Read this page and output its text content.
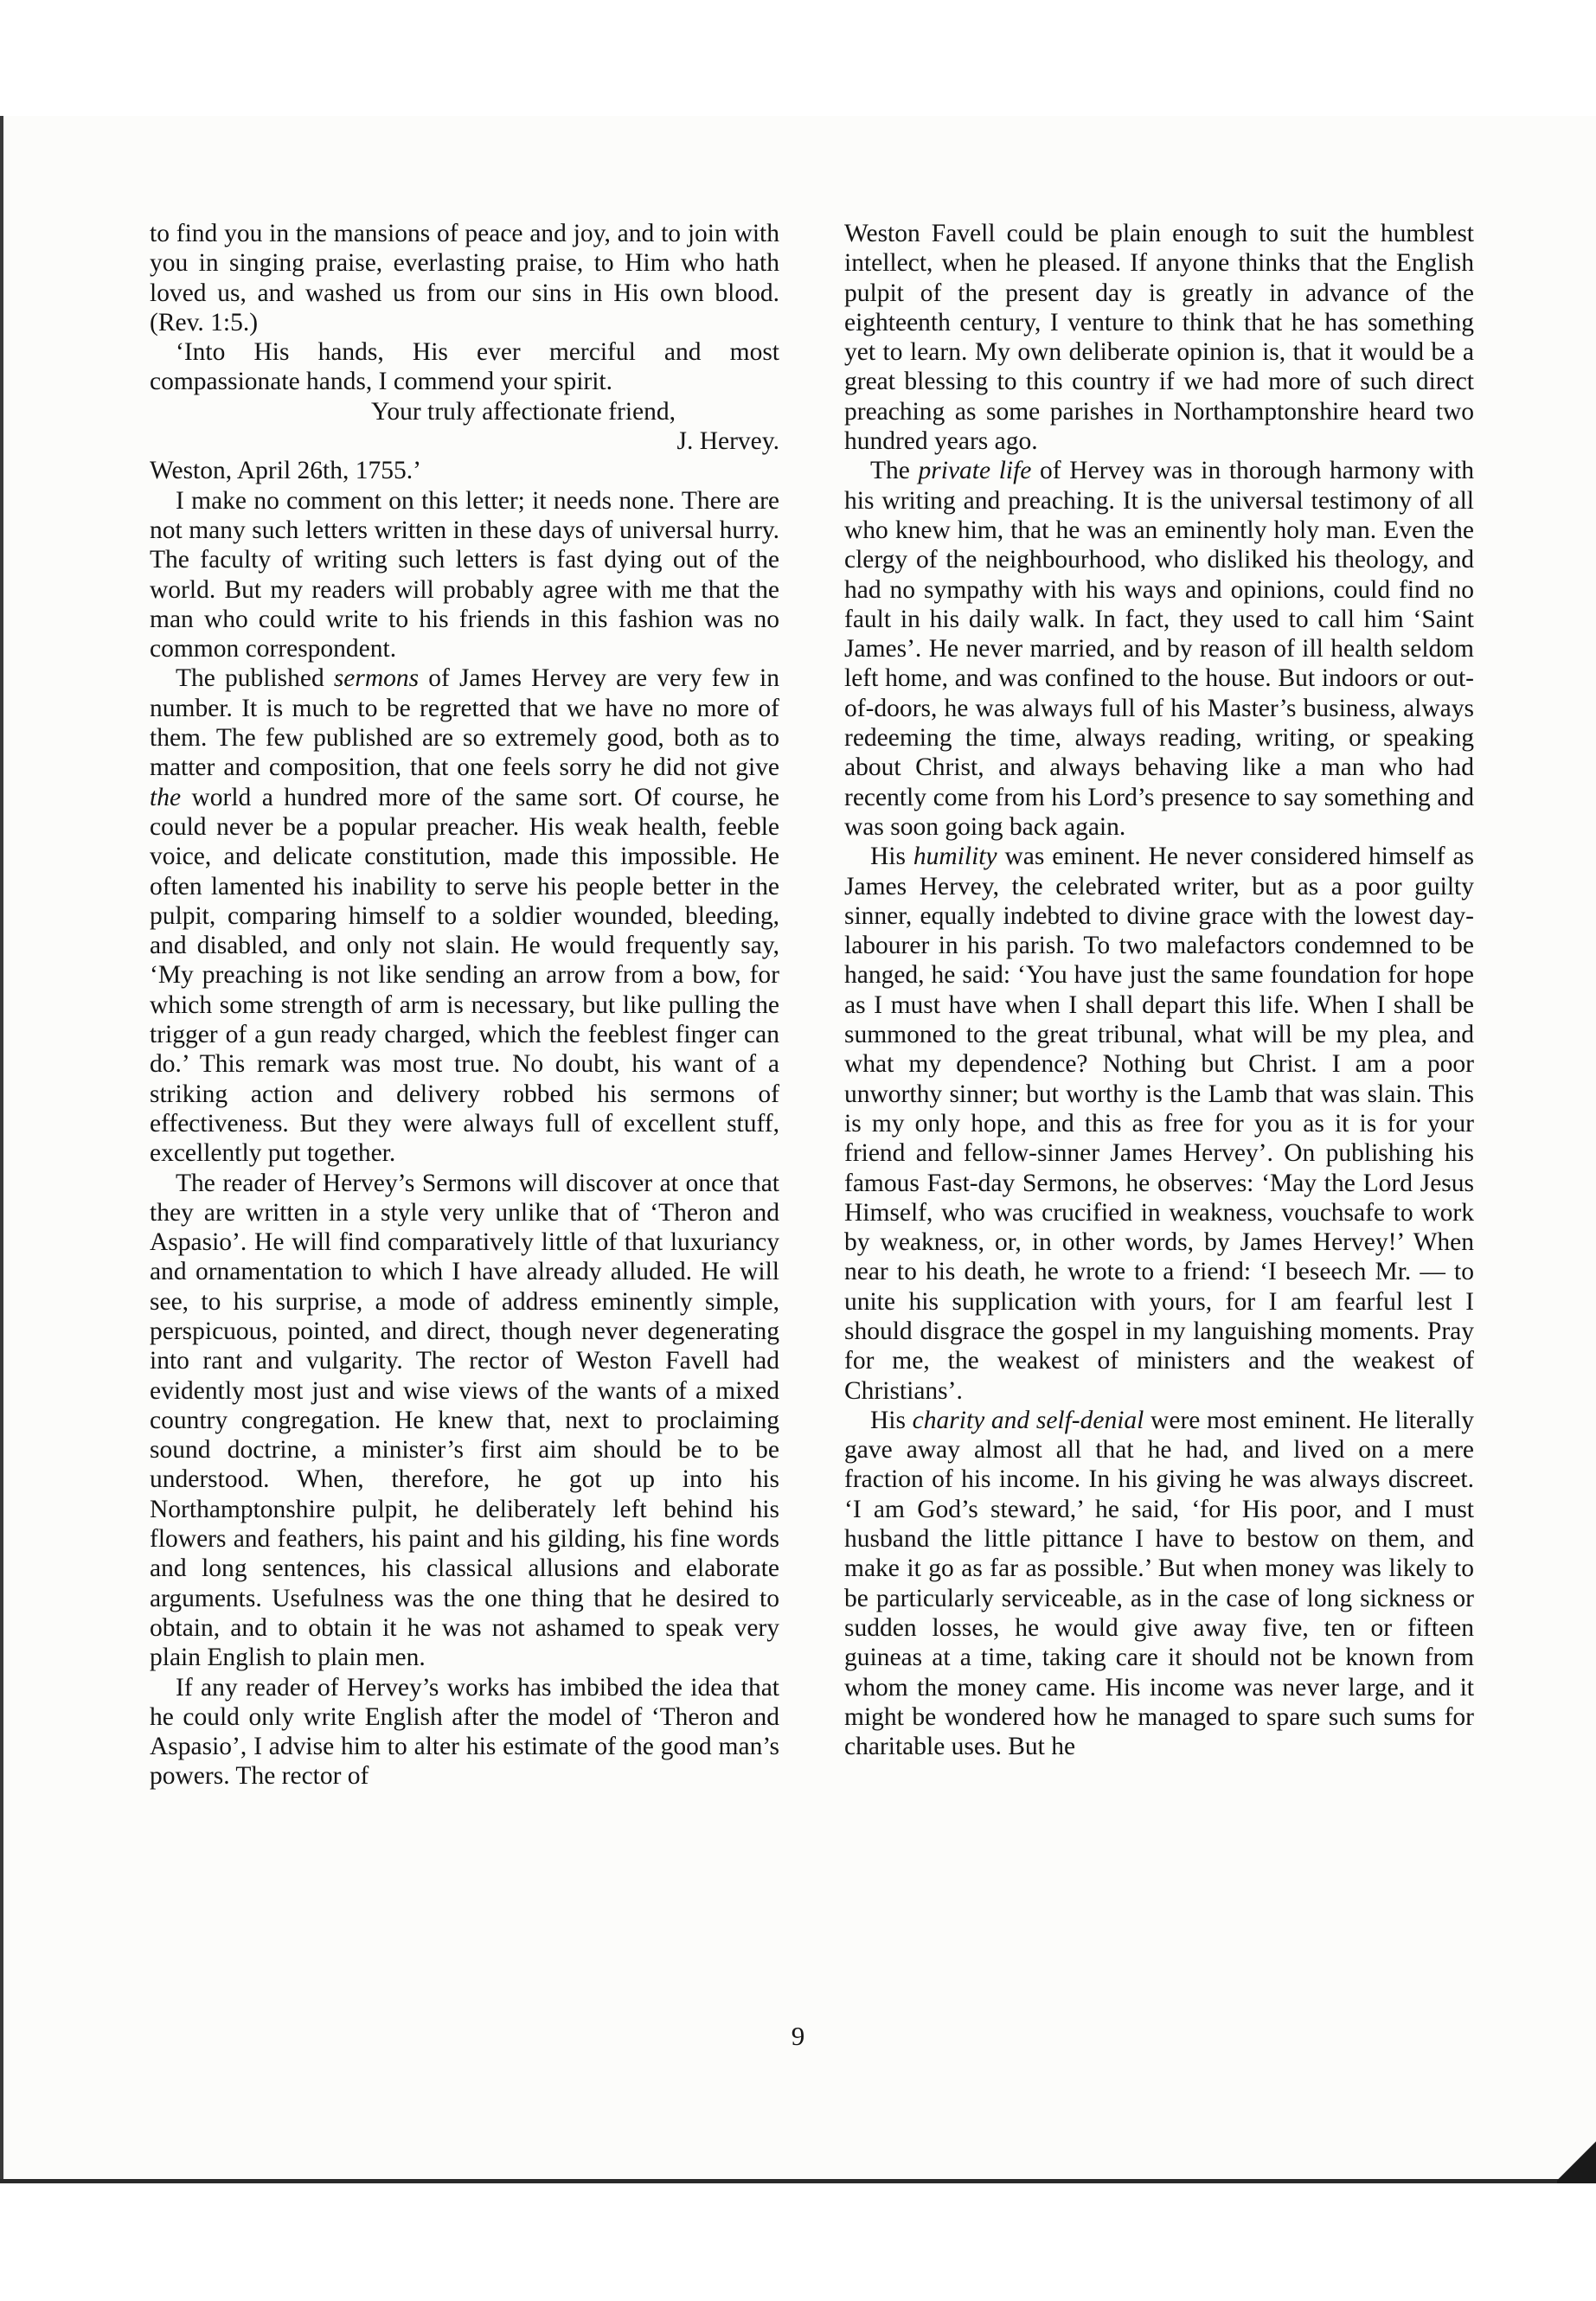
to find you in the mansions of peace and joy, and to join with you in singing praise, everlasting praise, to Him who hath loved us, and washed us from our sins in His own blood. (Rev. 1:5.)

‘Into His hands, His ever merciful and most compassionate hands, I commend your spirit.

Your truly affectionate friend,

J. Hervey.

Weston, April 26th, 1755.’

I make no comment on this letter; it needs none. There are not many such letters written in these days of universal hurry. The faculty of writing such letters is fast dying out of the world. But my readers will probably agree with me that the man who could write to his friends in this fashion was no common correspondent.

The published sermons of James Hervey are very few in number. It is much to be regretted that we have no more of them. The few published are so extremely good, both as to matter and composition, that one feels sorry he did not give the world a hundred more of the same sort. Of course, he could never be a popular preacher. His weak health, feeble voice, and delicate constitution, made this impossible. He often lamented his inability to serve his people better in the pulpit, comparing himself to a soldier wounded, bleeding, and disabled, and only not slain. He would frequently say, ‘My preaching is not like sending an arrow from a bow, for which some strength of arm is necessary, but like pulling the trigger of a gun ready charged, which the feeblest finger can do.’ This remark was most true. No doubt, his want of a striking action and delivery robbed his sermons of effectiveness. But they were always full of excellent stuff, excellently put together.

The reader of Hervey’s Sermons will discover at once that they are written in a style very unlike that of ‘Theron and Aspasio’. He will find comparatively little of that luxuriancy and ornamentation to which I have already alluded. He will see, to his surprise, a mode of address eminently simple, perspicuous, pointed, and direct, though never degenerating into rant and vulgarity. The rector of Weston Favell had evidently most just and wise views of the wants of a mixed country congregation. He knew that, next to proclaiming sound doctrine, a minister’s first aim should be to be understood. When, therefore, he got up into his Northamptonshire pulpit, he deliberately left behind his flowers and feathers, his paint and his gilding, his fine words and long sentences, his classical allusions and elaborate arguments. Usefulness was the one thing that he desired to obtain, and to obtain it he was not ashamed to speak very plain English to plain men.

If any reader of Hervey’s works has imbibed the idea that he could only write English after the model of ‘Theron and Aspasio’, I advise him to alter his estimate of the good man’s powers. The rector of

Weston Favell could be plain enough to suit the humblest intellect, when he pleased. If anyone thinks that the English pulpit of the present day is greatly in advance of the eighteenth century, I venture to think that he has something yet to learn. My own deliberate opinion is, that it would be a great blessing to this country if we had more of such direct preaching as some parishes in Northamptonshire heard two hundred years ago.

The private life of Hervey was in thorough harmony with his writing and preaching. It is the universal testimony of all who knew him, that he was an eminently holy man. Even the clergy of the neighbourhood, who disliked his theology, and had no sympathy with his ways and opinions, could find no fault in his daily walk. In fact, they used to call him ‘Saint James’. He never married, and by reason of ill health seldom left home, and was confined to the house. But indoors or out-of-doors, he was always full of his Master’s business, always redeeming the time, always reading, writing, or speaking about Christ, and always behaving like a man who had recently come from his Lord’s presence to say something and was soon going back again.

His humility was eminent. He never considered himself as James Hervey, the celebrated writer, but as a poor guilty sinner, equally indebted to divine grace with the lowest day-labourer in his parish. To two malefactors condemned to be hanged, he said: ‘You have just the same foundation for hope as I must have when I shall depart this life. When I shall be summoned to the great tribunal, what will be my plea, and what my dependence? Nothing but Christ. I am a poor unworthy sinner; but worthy is the Lamb that was slain. This is my only hope, and this as free for you as it is for your friend and fellow-sinner James Hervey’. On publishing his famous Fast-day Sermons, he observes: ‘May the Lord Jesus Himself, who was crucified in weakness, vouchsafe to work by weakness, or, in other words, by James Hervey!’ When near to his death, he wrote to a friend: ‘I beseech Mr. — to unite his supplication with yours, for I am fearful lest I should disgrace the gospel in my languishing moments. Pray for me, the weakest of ministers and the weakest of Christians’.

His charity and self-denial were most eminent. He literally gave away almost all that he had, and lived on a mere fraction of his income. In his giving he was always discreet. ‘I am God’s steward,’ he said, ‘for His poor, and I must husband the little pittance I have to bestow on them, and make it go as far as possible.’ But when money was likely to be particularly serviceable, as in the case of long sickness or sudden losses, he would give away five, ten or fifteen guineas at a time, taking care it should not be known from whom the money came. His income was never large, and it might be wondered how he managed to spare such sums for charitable uses. But he

9
